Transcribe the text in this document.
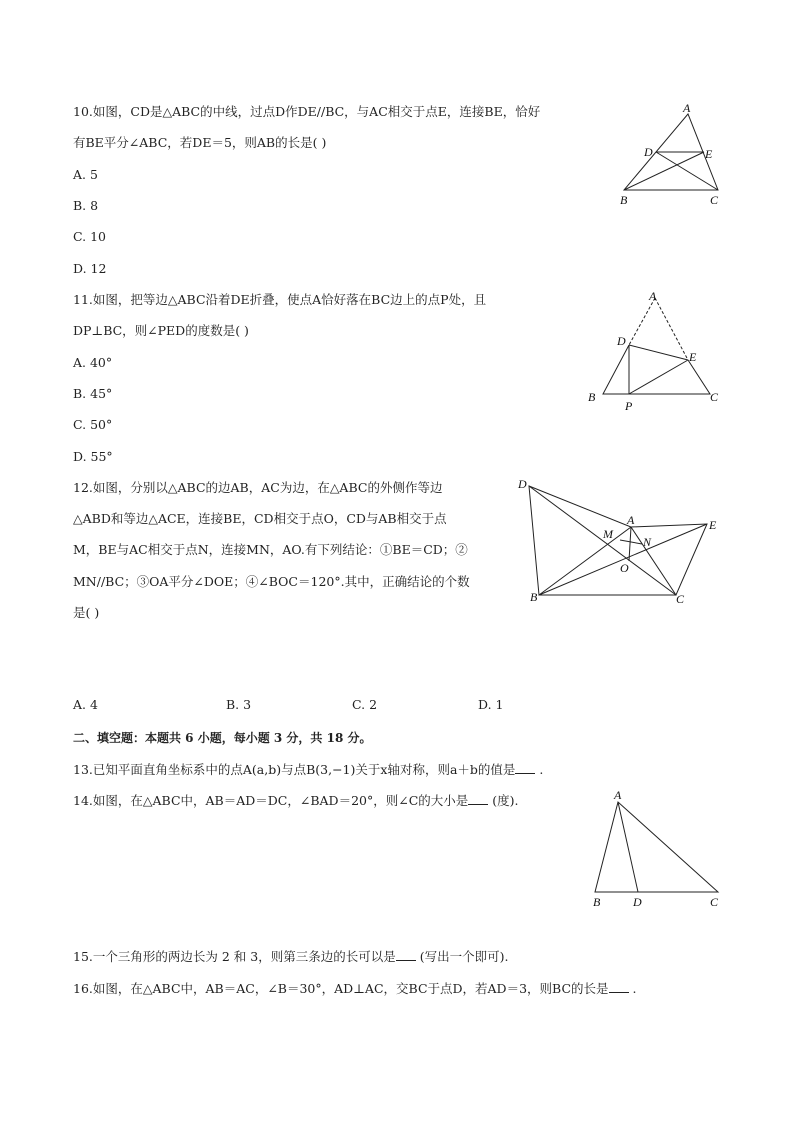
10.如图，CD是△ABC的中线，过点D作DE//BC，与AC相交于点E，连接BE，恰好
有BE平分∠ABC，若DE＝5，则AB的长是( )
A. 5
B. 8
C. 10
D. 12
A
D	E
B	C
11.如图，把等边△ABC沿着DE折叠，使点A恰好落在BC边上的点P处，且
DP⊥BC，则∠PED的度数是( )
A. 40°
B. 45°
C. 50°
D. 55°
A
D
E
B
P
C
12.如图，分别以△ABC的边AB，AC为边，在△ABC的外侧作等边
△ABD和等边△ACE，连接BE，CD相交于点O，CD与AB相交于点
M，BE与AC相交于点N，连接MN，AO.有下列结论：①BE＝CD；②
MN//BC；③OA平分∠DOE；④∠BOC＝120°.其中，正确结论的个数
是( )
A. 4	B. 3	C. 2	D. 1
D
A	E
M
N
O
B	C
二、填空题：本题共 6 小题，每小题 3 分，共 18 分。
13.已知平面直角坐标系中的点A(a,b)与点B(3,−1)关于x轴对称，则a＋b的值是 .
14.如图，在△ABC中，AB＝AD＝DC，∠BAD＝20°，则∠C的大小是 (度).	A
B	D	C
15.一个三角形的两边长为 2 和 3，则第三条边的长可以是 (写出一个即可).
16.如图，在△ABC中，AB＝AC，∠B＝30°，AD⊥AC，交BC于点D，若AD＝3，则BC的长是 .
